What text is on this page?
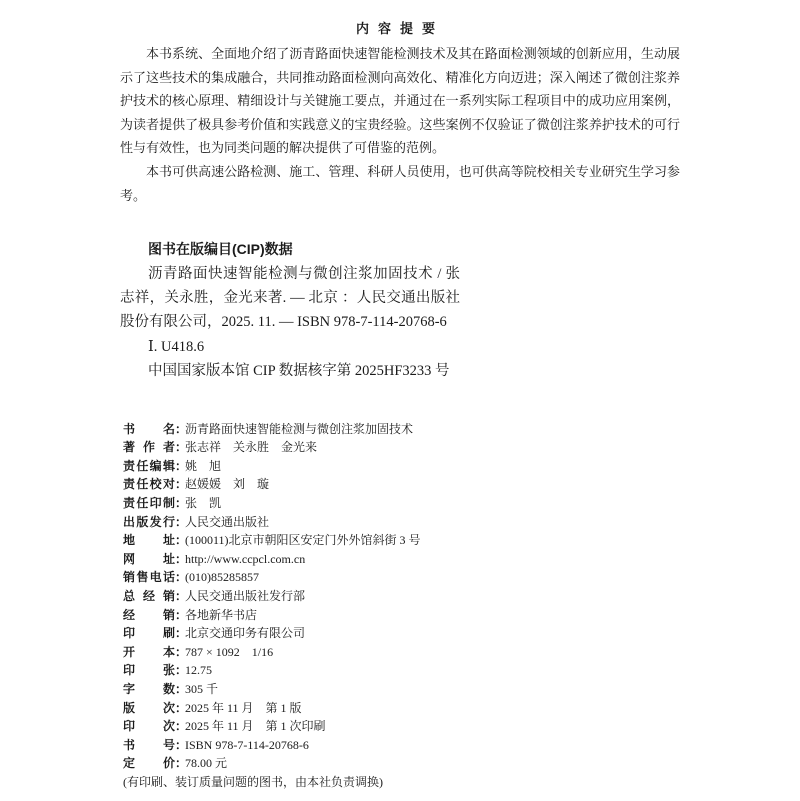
内容提要

本书系统、全面地介绍了沥青路面快速智能检测技术及其在路面检测领域的创新应用，生动展示了这些技术的集成融合，共同推动路面检测向高效化、精准化方向迈进；深入阐述了微创注浆养护技术的核心原理、精细设计与关键施工要点，并通过在一系列实际工程项目中的成功应用案例，为读者提供了极具参考价值和实践意义的宝贵经验。这些案例不仅验证了微创注浆养护技术的可行性与有效性，也为同类问题的解决提供了可借鉴的范例。

本书可供高速公路检测、施工、管理、科研人员使用，也可供高等院校相关专业研究生学习参考。

图书在版编目(CIP)数据
沥青路面快速智能检测与微创注浆加固技术 / 张志祥，关永胜，金光来著. — 北京 ：人民交通出版社股份有限公司，2025. 11. — ISBN 978-7-114-20768-6
Ⅰ. U418.6
中国国家版本馆 CIP 数据核字第 2025HF3233 号
书名 ：
沥青路面快速智能检测与微创注浆加固技术
著作者 ：
张志祥　关永胜　金光来
责任编辑 ：
姚　旭
责任校对 ：
赵媛媛　刘　璇
责任印制 ：
张　凯
出版发行 ：
人民交通出版社
地址 ：
(100011)北京市朝阳区安定门外外馆斜街 3 号
网址 ：
http://www.ccpcl.com.cn
销售电话 ：
(010)85285857
总经销 ：
人民交通出版社发行部
经销 ：
各地新华书店
印刷 ：
北京交通印务有限公司
开本 ：
787 × 1092　1/16
印张 ：
12.75
字数 ：
305 千
版次 ：
2025 年 11 月　第 1 版
印次 ：
2025 年 11 月　第 1 次印刷
书号 ：
ISBN 978-7-114-20768-6
定价 ：
78.00 元
(有印刷、装订质量问题的图书，由本社负责调换)
